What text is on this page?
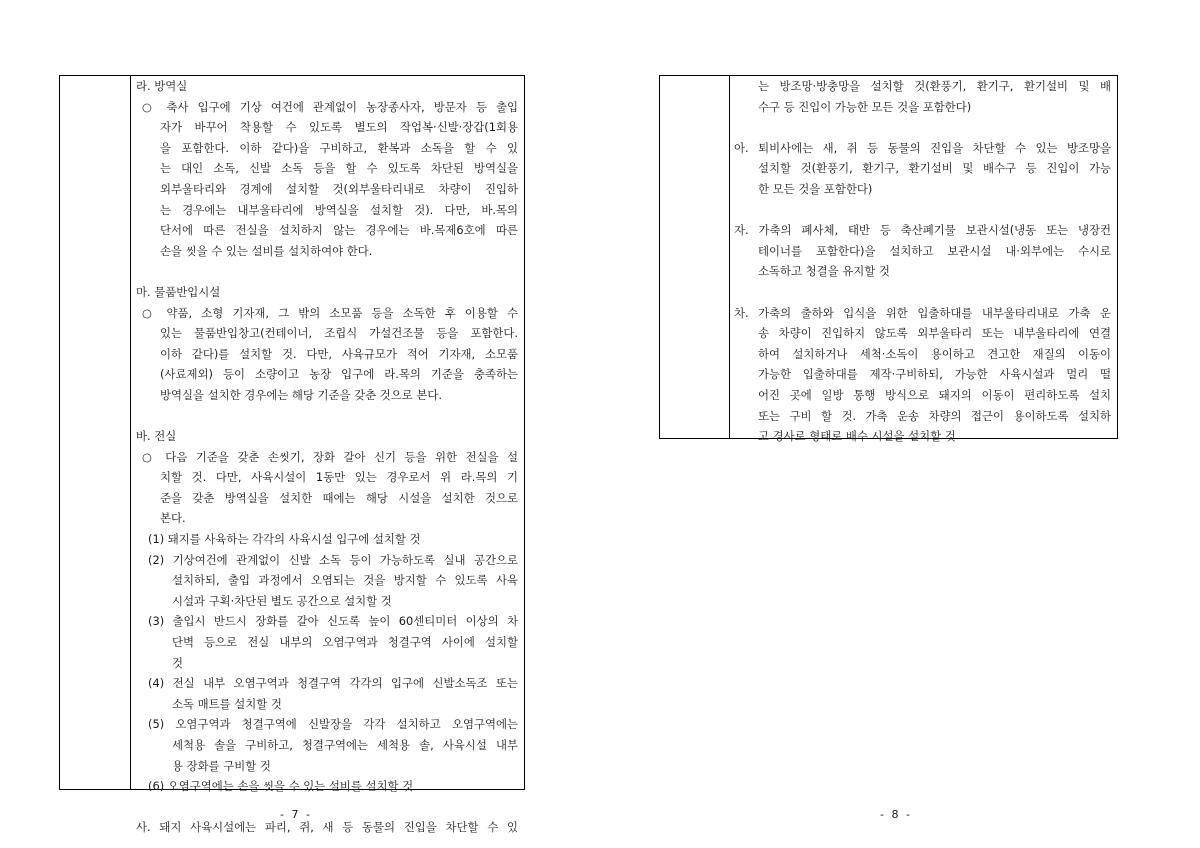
라. 방역실
○ 축사 입구에 기상 여건에 관계없이 농장종사자, 방문자 등 출입
자가 바꾸어 착용할 수 있도록 별도의 작업복·신발·장갑(1회용
을 포함한다. 이하 같다)을 구비하고, 환복과 소독을 할 수 있
는 대인 소독, 신발 소독 등을 할 수 있도록 차단된 방역실을
외부울타리와 경계에 설치할 것(외부울타리내로 차량이 진입하
는 경우에는 내부울타리에 방역실을 설치할 것). 다만, 바.목의
단서에 따른 전실을 설치하지 않는 경우에는 바.목제6호에 따른
손을 씻을 수 있는 설비를 설치하여야 한다.
마. 물품반입시설
○ 약품, 소형 기자재, 그 밖의 소모품 등을 소독한 후 이용할 수
있는 물품반입창고(컨테이너, 조립식 가설건조물 등을 포함한다.
이하 같다)를 설치할 것. 다만, 사육규모가 적어 기자재, 소모품
(사료제외) 등이 소량이고 농장 입구에 라.목의 기준을 충족하는
방역실을 설치한 경우에는 해당 기준을 갖춘 것으로 본다.
바. 전실
○ 다음 기준을 갖춘 손씻기, 장화 갈아 신기 등을 위한 전실을 설
치할 것. 다만, 사육시설이 1동만 있는 경우로서 위 라.목의 기
준을 갖춘 방역실을 설치한 때에는 해당 시설을 설치한 것으로
본다.
(1) 돼지를 사육하는 각각의 사육시설 입구에 설치할 것
(2) 기상여건에 관계없이 신발 소독 등이 가능하도록 실내 공간으로
설치하되, 출입 과정에서 오염되는 것을 방지할 수 있도록 사육
시설과 구획·차단된 별도 공간으로 설치할 것
(3) 출입시 반드시 장화를 갈아 신도록 높이 60센티미터 이상의 차
단벽 등으로 전실 내부의 오염구역과 청결구역 사이에 설치할
것
(4) 전실 내부 오염구역과 청결구역 각각의 입구에 신발소독조 또는
소독 매트를 설치할 것
(5) 오염구역과 청결구역에 신발장을 각각 설치하고 오염구역에는
세척용 솔을 구비하고, 청결구역에는 세척용 솔, 사육시설 내부
용 장화를 구비할 것
(6) 오염구역에는 손을 씻을 수 있는 설비를 설치할 것
사. 돼지 사육시설에는 파리, 쥐, 새 등 동물의 진입을 차단할 수 있
는 방조망·방충망을 설치할 것(환풍기, 환기구, 환기설비 및 배
수구 등 진입이 가능한 모든 것을 포함한다)
아. 퇴비사에는 새, 쥐 등 동물의 진입을 차단할 수 있는 방조망을
설치할 것(환풍기, 환기구, 환기설비 및 배수구 등 진입이 가능
한 모든 것을 포함한다)
자. 가축의 폐사체, 태반 등 축산폐기물 보관시설(냉동 또는 냉장컨
테이너를 포함한다)을 설치하고 보관시설 내·외부에는 수시로
소독하고 청결을 유지할 것
차. 가축의 출하와 입식을 위한 입출하대를 내부울타리내로 가축 운
송 차량이 진입하지 않도록 외부울타리 또는 내부울타리에 연결
하여 설치하거나 세척·소독이 용이하고 견고한 재질의 이동이
가능한 입출하대를 제작·구비하되, 가능한 사육시설과 멀리 떨
어진 곳에 일방 통행 방식으로 돼지의 이동이 편리하도록 설치
또는 구비 할 것. 가축 운송 차량의 접근이 용이하도록 설치하
고 경사로 형태로 배수 시설을 설치할 것
- 7 -	- 8 -
